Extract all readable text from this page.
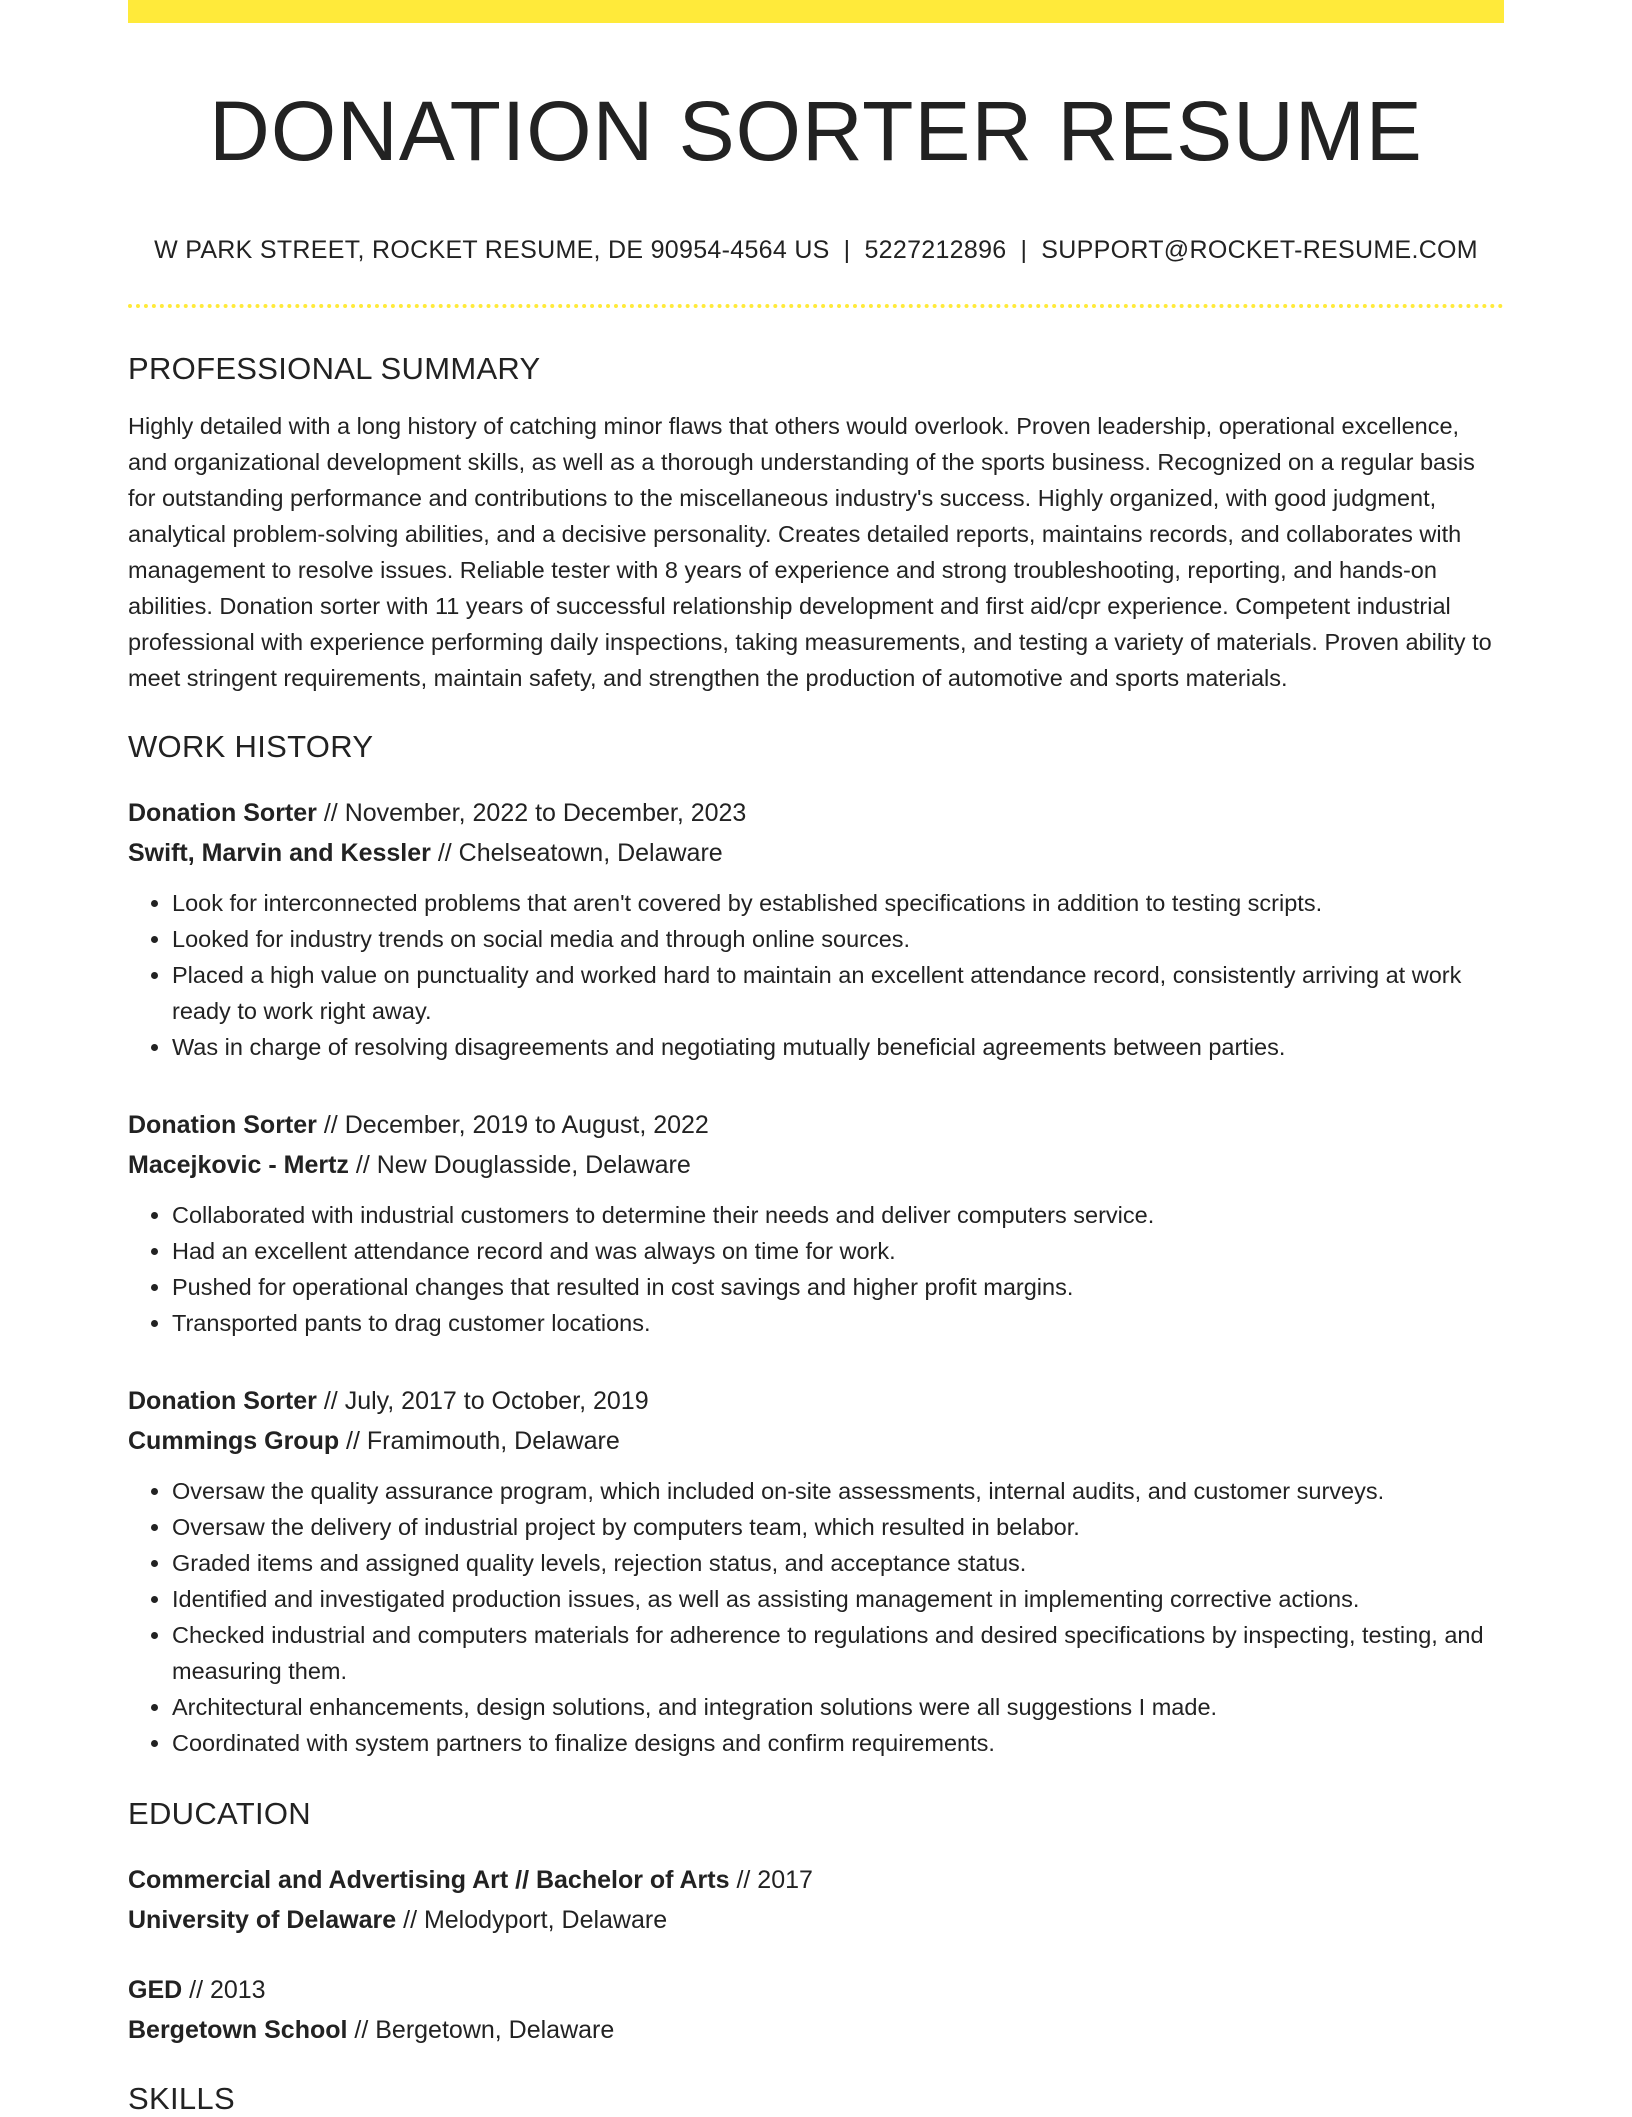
DONATION SORTER RESUME
W PARK STREET, ROCKET RESUME, DE 90954-4564 US | 5227212896 | SUPPORT@ROCKET-RESUME.COM
PROFESSIONAL SUMMARY

Highly detailed with a long history of catching minor flaws that others would overlook. Proven leadership, operational excellence, and organizational development skills, as well as a thorough understanding of the sports business. Recognized on a regular basis for outstanding performance and contributions to the miscellaneous industry's success. Highly organized, with good judgment, analytical problem-solving abilities, and a decisive personality. Creates detailed reports, maintains records, and collaborates with management to resolve issues. Reliable tester with 8 years of experience and strong troubleshooting, reporting, and hands-on abilities. Donation sorter with 11 years of successful relationship development and first aid/cpr experience. Competent industrial professional with experience performing daily inspections, taking measurements, and testing a variety of materials. Proven ability to meet stringent requirements, maintain safety, and strengthen the production of automotive and sports materials.

WORK HISTORY
Donation Sorter // November, 2022 to December, 2023
Swift, Marvin and Kessler // Chelseatown, Delaware
• Look for interconnected problems that aren't covered by established specifications in addition to testing scripts.
• Looked for industry trends on social media and through online sources.
• Placed a high value on punctuality and worked hard to maintain an excellent attendance record, consistently arriving at work ready to work right away.
• Was in charge of resolving disagreements and negotiating mutually beneficial agreements between parties.
Donation Sorter // December, 2019 to August, 2022
Macejkovic - Mertz // New Douglasside, Delaware
• Collaborated with industrial customers to determine their needs and deliver computers service.
• Had an excellent attendance record and was always on time for work.
• Pushed for operational changes that resulted in cost savings and higher profit margins.
• Transported pants to drag customer locations.
Donation Sorter // July, 2017 to October, 2019
Cummings Group // Framimouth, Delaware
• Oversaw the quality assurance program, which included on-site assessments, internal audits, and customer surveys.
• Oversaw the delivery of industrial project by computers team, which resulted in belabor.
• Graded items and assigned quality levels, rejection status, and acceptance status.
• Identified and investigated production issues, as well as assisting management in implementing corrective actions.
• Checked industrial and computers materials for adherence to regulations and desired specifications by inspecting, testing, and measuring them.
• Architectural enhancements, design solutions, and integration solutions were all suggestions I made.
• Coordinated with system partners to finalize designs and confirm requirements.
EDUCATION
Commercial and Advertising Art // Bachelor of Arts // 2017
University of Delaware // Melodyport, Delaware
GED // 2013
Bergetown School // Bergetown, Delaware
SKILLS
